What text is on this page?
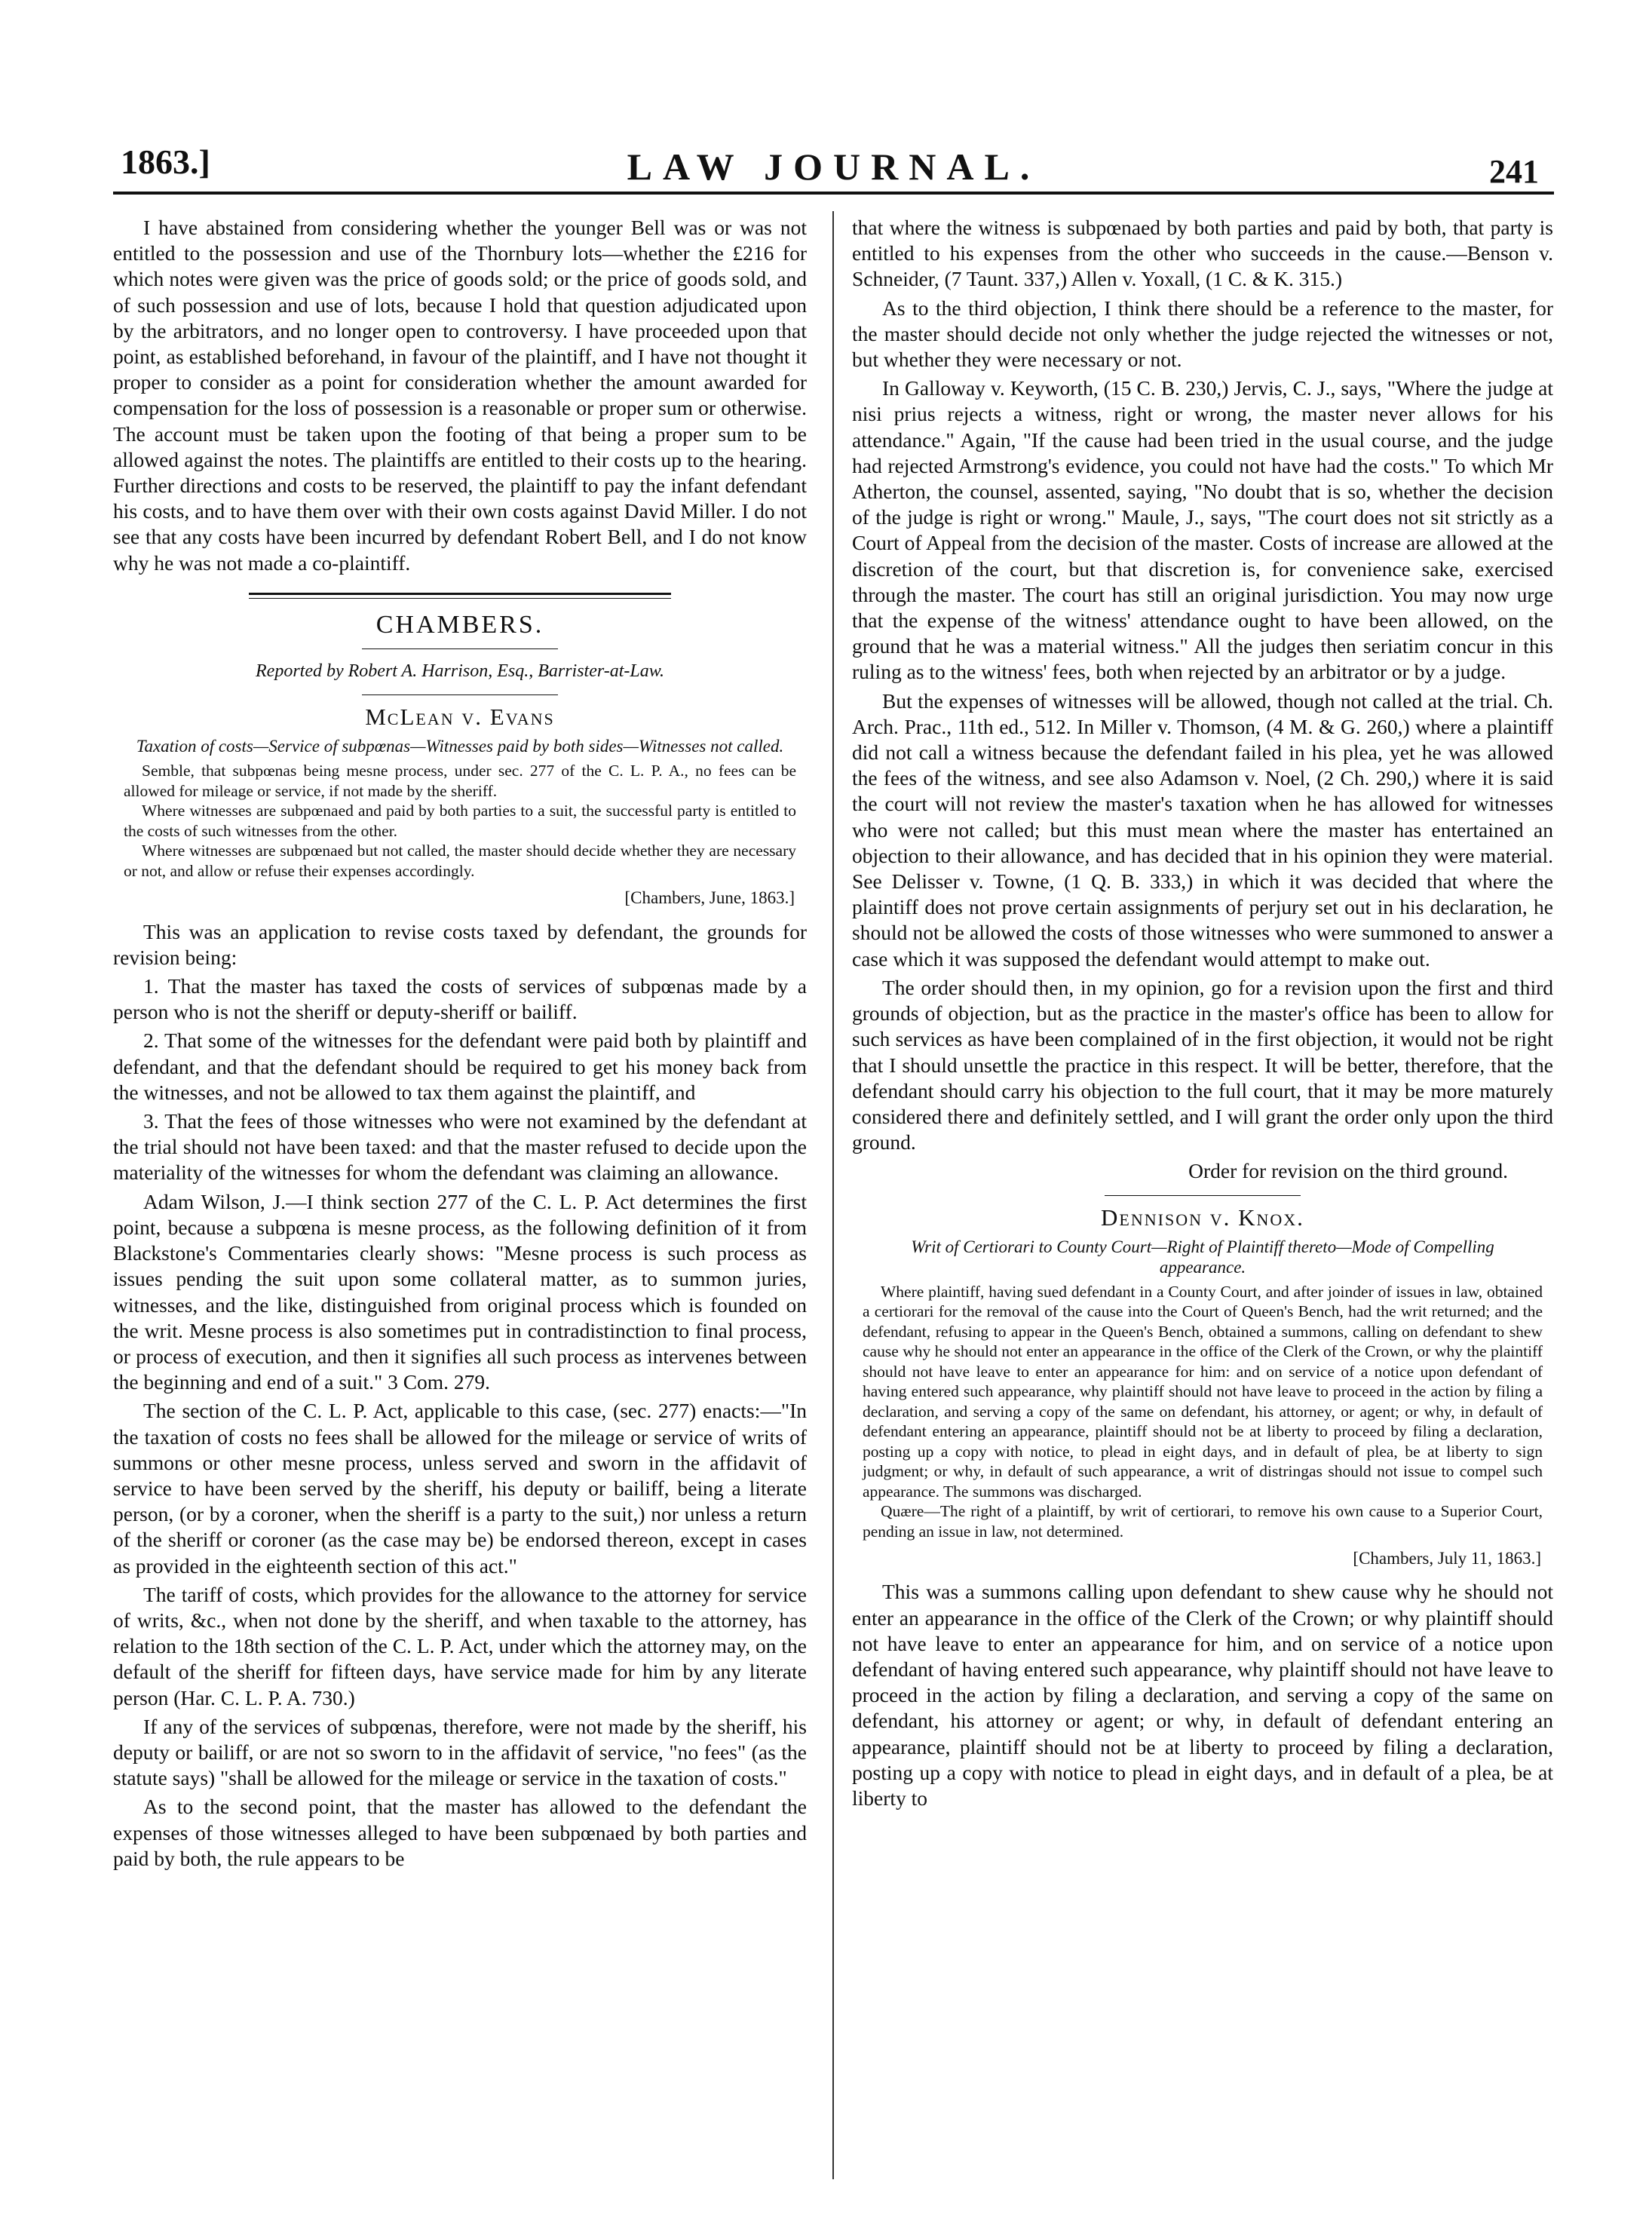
1863.]	LAW JOURNAL.	241

I have abstained from considering whether the younger Bell was or was not entitled to the possession and use of the Thornbury lots—whether the £216 for which notes were given was the price of goods sold; or the price of goods sold, and of such possession and use of lots, because I hold that question adjudicated upon by the arbitrators, and no longer open to controversy. I have proceeded upon that point, as established beforehand, in favour of the plaintiff, and I have not thought it proper to consider as a point for consideration whether the amount awarded for compensation for the loss of possession is a reasonable or proper sum or otherwise. The account must be taken upon the footing of that being a proper sum to be allowed against the notes. The plaintiffs are entitled to their costs up to the hearing. Further directions and costs to be reserved, the plaintiff to pay the infant defendant his costs, and to have them over with their own costs against David Miller. I do not see that any costs have been incurred by defendant Robert Bell, and I do not know why he was not made a co-plaintiff.

CHAMBERS.
Reported by Robert A. Harrison, Esq., Barrister-at-Law.
McLean v. Evans
Taxation of costs—Service of subpœnas—Witnesses paid by both sides—Witnesses not called.

Semble, that subpœnas being mesne process, under sec. 277 of the C. L. P. A., no fees can be allowed for mileage or service, if not made by the sheriff.

Where witnesses are subpœnaed and paid by both parties to a suit, the successful party is entitled to the costs of such witnesses from the other.

Where witnesses are subpœnaed but not called, the master should decide whether they are necessary or not, and allow or refuse their expenses accordingly.

[Chambers, June, 1863.]

This was an application to revise costs taxed by defendant, the grounds for revision being:

1. That the master has taxed the costs of services of subpœnas made by a person who is not the sheriff or deputy-sheriff or bailiff.

2. That some of the witnesses for the defendant were paid both by plaintiff and defendant, and that the defendant should be required to get his money back from the witnesses, and not be allowed to tax them against the plaintiff, and

3. That the fees of those witnesses who were not examined by the defendant at the trial should not have been taxed: and that the master refused to decide upon the materiality of the witnesses for whom the defendant was claiming an allowance.

Adam Wilson, J.—I think section 277 of the C. L. P. Act determines the first point, because a subpœna is mesne process, as the following definition of it from Blackstone's Commentaries clearly shows: "Mesne process is such process as issues pending the suit upon some collateral matter, as to summon juries, witnesses, and the like, distinguished from original process which is founded on the writ. Mesne process is also sometimes put in contradistinction to final process, or process of execution, and then it signifies all such process as intervenes between the beginning and end of a suit." 3 Com. 279.

The section of the C. L. P. Act, applicable to this case, (sec. 277) enacts:—"In the taxation of costs no fees shall be allowed for the mileage or service of writs of summons or other mesne process, unless served and sworn in the affidavit of service to have been served by the sheriff, his deputy or bailiff, being a literate person, (or by a coroner, when the sheriff is a party to the suit,) nor unless a return of the sheriff or coroner (as the case may be) be endorsed thereon, except in cases as provided in the eighteenth section of this act."

The tariff of costs, which provides for the allowance to the attorney for service of writs, &c., when not done by the sheriff, and when taxable to the attorney, has relation to the 18th section of the C. L. P. Act, under which the attorney may, on the default of the sheriff for fifteen days, have service made for him by any literate person (Har. C. L. P. A. 730.)

If any of the services of subpœnas, therefore, were not made by the sheriff, his deputy or bailiff, or are not so sworn to in the affidavit of service, "no fees" (as the statute says) "shall be allowed for the mileage or service in the taxation of costs."

As to the second point, that the master has allowed to the defendant the expenses of those witnesses alleged to have been subpœnaed by both parties and paid by both, the rule appears to be

that where the witness is subpœnaed by both parties and paid by both, that party is entitled to his expenses from the other who succeeds in the cause.—Benson v. Schneider, (7 Taunt. 337,) Allen v. Yoxall, (1 C. & K. 315.)

As to the third objection, I think there should be a reference to the master, for the master should decide not only whether the judge rejected the witnesses or not, but whether they were necessary or not.

In Galloway v. Keyworth, (15 C. B. 230,) Jervis, C. J., says, "Where the judge at nisi prius rejects a witness, right or wrong, the master never allows for his attendance." Again, "If the cause had been tried in the usual course, and the judge had rejected Armstrong's evidence, you could not have had the costs." To which Mr Atherton, the counsel, assented, saying, "No doubt that is so, whether the decision of the judge is right or wrong." Maule, J., says, "The court does not sit strictly as a Court of Appeal from the decision of the master. Costs of increase are allowed at the discretion of the court, but that discretion is, for convenience sake, exercised through the master. The court has still an original jurisdiction. You may now urge that the expense of the witness' attendance ought to have been allowed, on the ground that he was a material witness." All the judges then seriatim concur in this ruling as to the witness' fees, both when rejected by an arbitrator or by a judge.

But the expenses of witnesses will be allowed, though not called at the trial. Ch. Arch. Prac., 11th ed., 512. In Miller v. Thomson, (4 M. & G. 260,) where a plaintiff did not call a witness because the defendant failed in his plea, yet he was allowed the fees of the witness, and see also Adamson v. Noel, (2 Ch. 290,) where it is said the court will not review the master's taxation when he has allowed for witnesses who were not called; but this must mean where the master has entertained an objection to their allowance, and has decided that in his opinion they were material. See Delisser v. Towne, (1 Q. B. 333,) in which it was decided that where the plaintiff does not prove certain assignments of perjury set out in his declaration, he should not be allowed the costs of those witnesses who were summoned to answer a case which it was supposed the defendant would attempt to make out.

The order should then, in my opinion, go for a revision upon the first and third grounds of objection, but as the practice in the master's office has been to allow for such services as have been complained of in the first objection, it would not be right that I should unsettle the practice in this respect. It will be better, therefore, that the defendant should carry his objection to the full court, that it may be more maturely considered there and definitely settled, and I will grant the order only upon the third ground.

Order for revision on the third ground.

Dennison v. Knox.
Writ of Certiorari to County Court—Right of Plaintiff thereto—Mode of Compelling appearance.

Where plaintiff, having sued defendant in a County Court, and after joinder of issues in law, obtained a certiorari for the removal of the cause into the Court of Queen's Bench, had the writ returned; and the defendant, refusing to appear in the Queen's Bench, obtained a summons, calling on defendant to shew cause why he should not enter an appearance in the office of the Clerk of the Crown, or why the plaintiff should not have leave to enter an appearance for him: and on service of a notice upon defendant of having entered such appearance, why plaintiff should not have leave to proceed in the action by filing a declaration, and serving a copy of the same on defendant, his attorney, or agent; or why, in default of defendant entering an appearance, plaintiff should not be at liberty to proceed by filing a declaration, posting up a copy with notice, to plead in eight days, and in default of plea, be at liberty to sign judgment; or why, in default of such appearance, a writ of distringas should not issue to compel such appearance. The summons was discharged.

Quære—The right of a plaintiff, by writ of certiorari, to remove his own cause to a Superior Court, pending an issue in law, not determined.

[Chambers, July 11, 1863.]

This was a summons calling upon defendant to shew cause why he should not enter an appearance in the office of the Clerk of the Crown; or why plaintiff should not have leave to enter an appearance for him, and on service of a notice upon defendant of having entered such appearance, why plaintiff should not have leave to proceed in the action by filing a declaration, and serving a copy of the same on defendant, his attorney or agent; or why, in default of defendant entering an appearance, plaintiff should not be at liberty to proceed by filing a declaration, posting up a copy with notice to plead in eight days, and in default of a plea, be at liberty to
